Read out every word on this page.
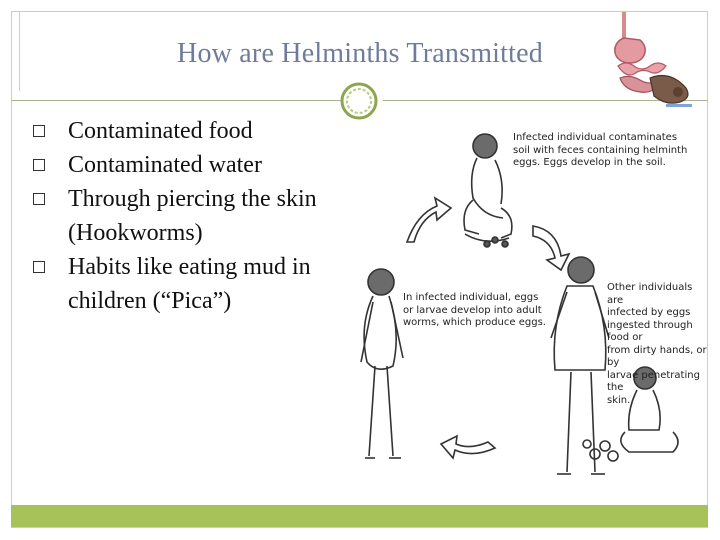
How are Helminths Transmitted
Contaminated food
Contaminated water
Through piercing the skin (Hookworms)
Habits like eating mud in children (“Pica”)
Infected individual contaminates
soil with feces containing helminth
eggs. Eggs develop in the soil.
In infected individual, eggs
or larvae develop into adult
worms, which produce eggs.
Other individuals are
infected by eggs
ingested through food or
from dirty hands, or by
larvae penetrating the
skin.
